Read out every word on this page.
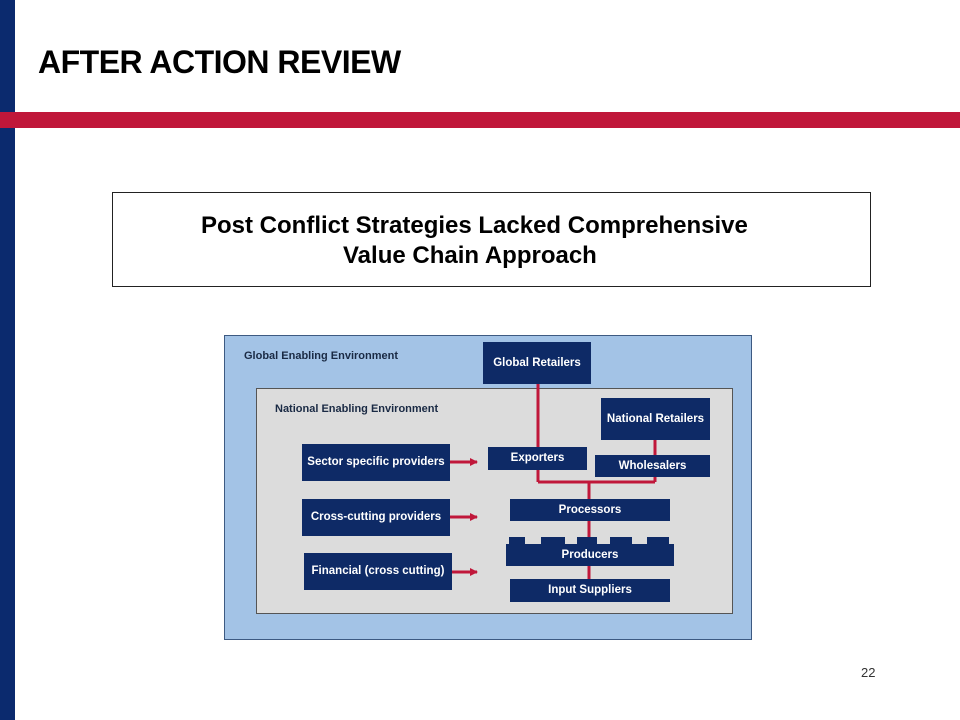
AFTER ACTION REVIEW
Post Conflict Strategies Lacked Comprehensive
Value Chain Approach
Global Enabling Environment
National Enabling Environment
Global Retailers
National Retailers
Exporters
Wholesalers
Processors
Producers
Input Suppliers
Sector specific providers
Cross-cutting providers
Financial (cross cutting)
22
